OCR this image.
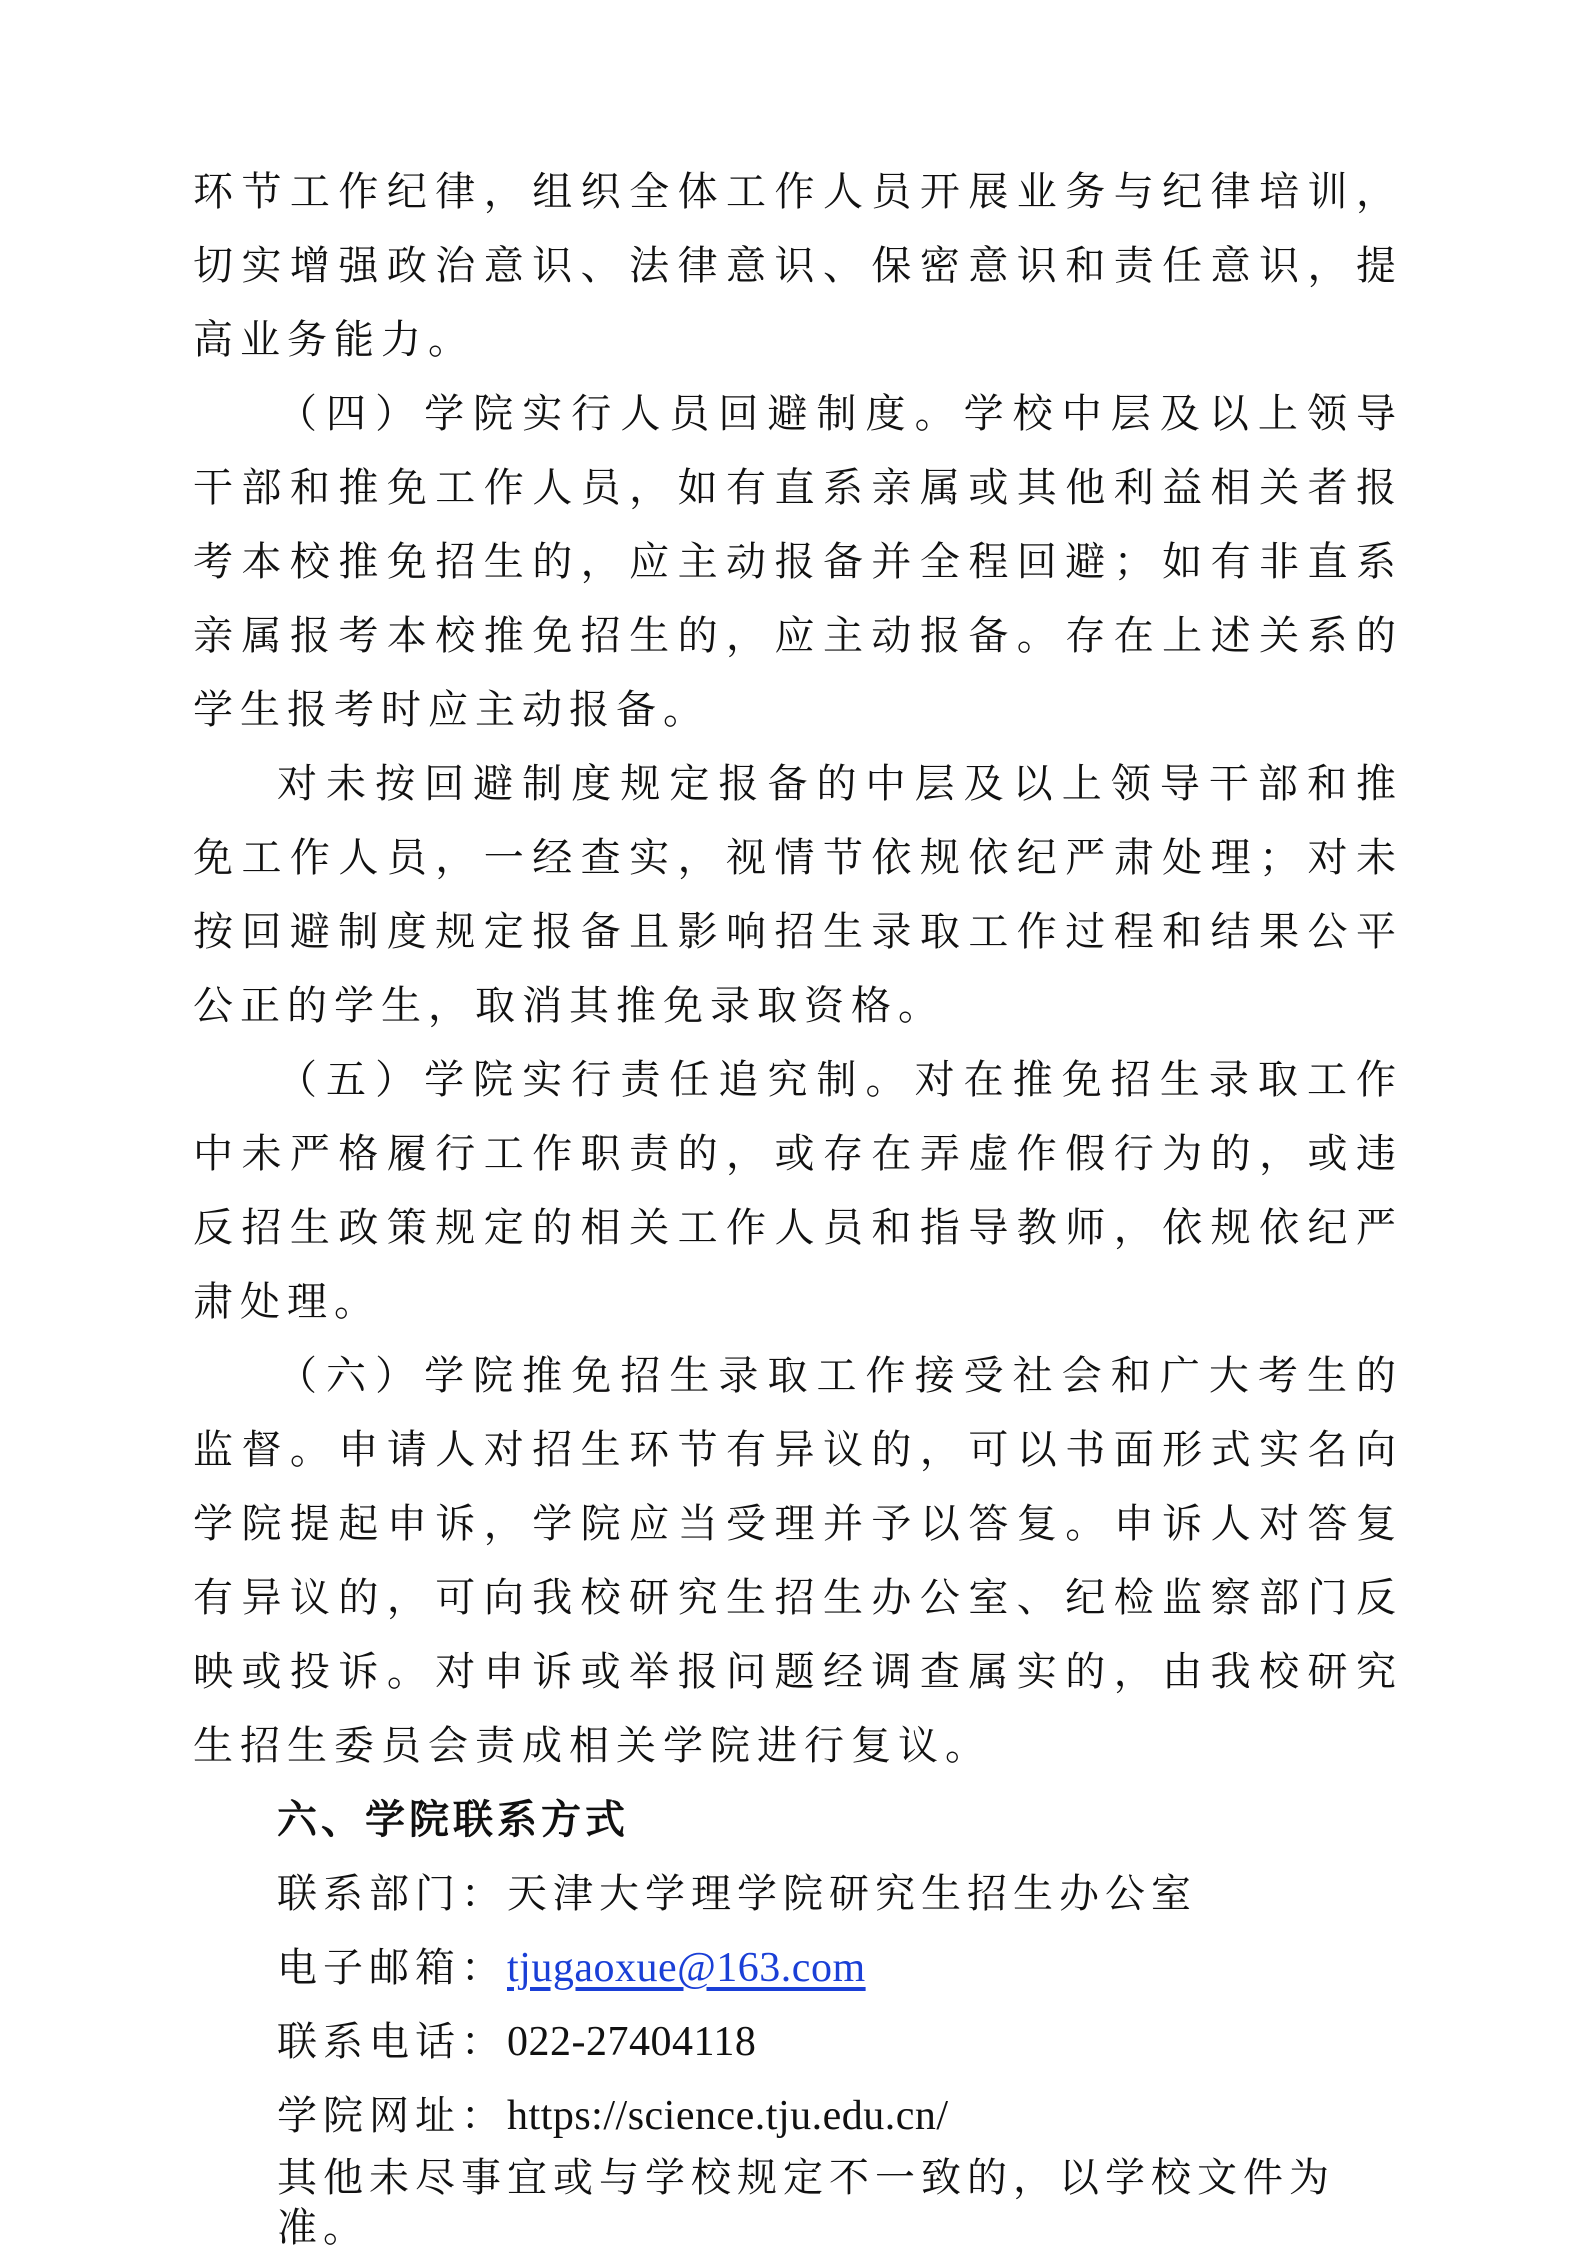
环节工作纪律，组织全体工作人员开展业务与纪律培训，切实增强政治意识、法律意识、保密意识和责任意识，提高业务能力。

（四）学院实行人员回避制度。学校中层及以上领导干部和推免工作人员，如有直系亲属或其他利益相关者报考本校推免招生的，应主动报备并全程回避；如有非直系亲属报考本校推免招生的，应主动报备。存在上述关系的学生报考时应主动报备。

对未按回避制度规定报备的中层及以上领导干部和推免工作人员，一经查实，视情节依规依纪严肃处理；对未按回避制度规定报备且影响招生录取工作过程和结果公平公正的学生，取消其推免录取资格。

（五）学院实行责任追究制。对在推免招生录取工作中未严格履行工作职责的，或存在弄虚作假行为的，或违反招生政策规定的相关工作人员和指导教师，依规依纪严肃处理。

（六）学院推免招生录取工作接受社会和广大考生的监督。申请人对招生环节有异议的，可以书面形式实名向学院提起申诉，学院应当受理并予以答复。申诉人对答复有异议的，可向我校研究生招生办公室、纪检监察部门反映或投诉。对申诉或举报问题经调查属实的，由我校研究生招生委员会责成相关学院进行复议。

六、学院联系方式

联系部门：天津大学理学院研究生招生办公室

电子邮箱：tjugaoxue@163.com

联系电话：022-27404118

学院网址：https://science.tju.edu.cn/

其他未尽事宜或与学校规定不一致的，以学校文件为准。
